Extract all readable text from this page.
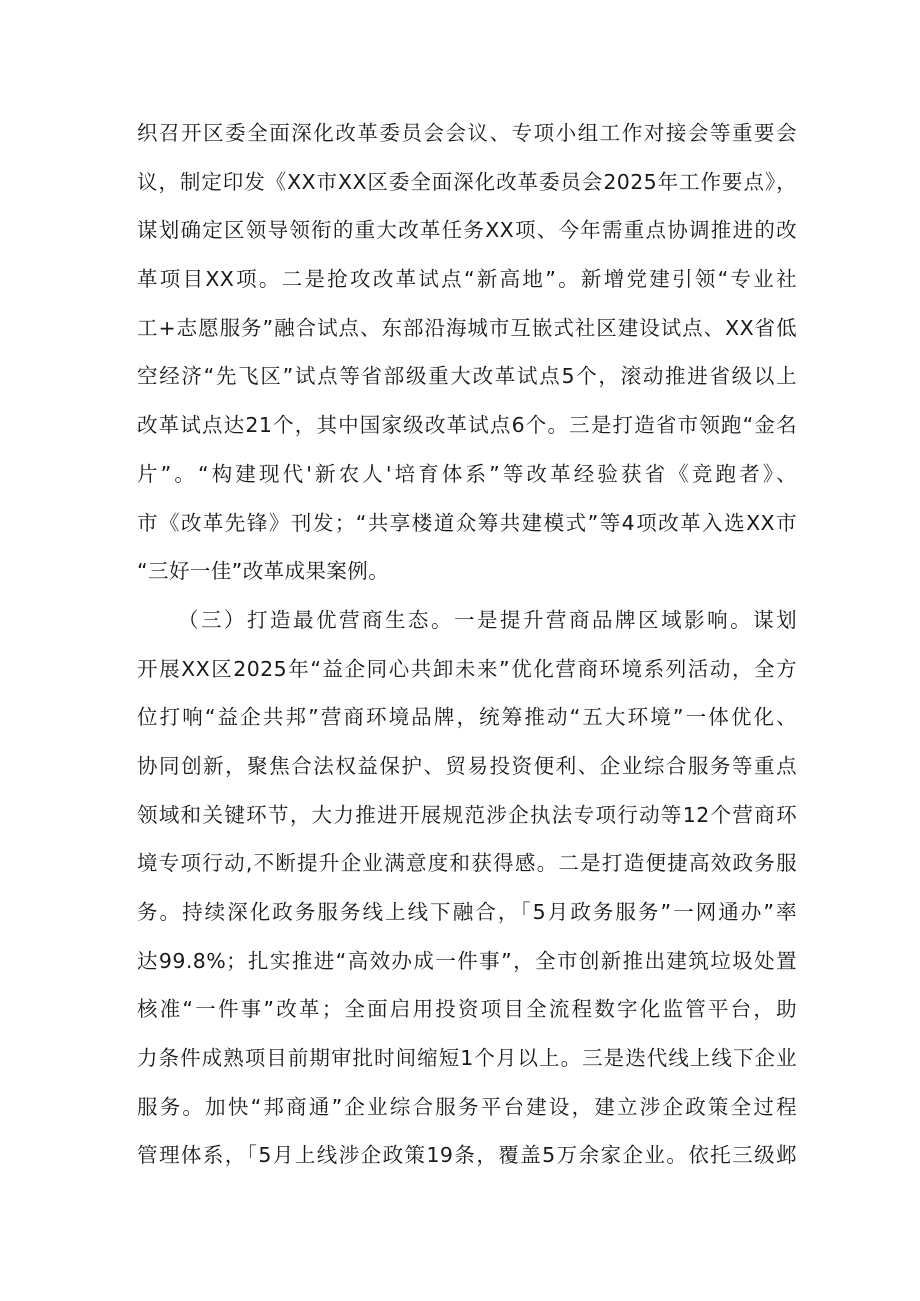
织召开区委全面深化改革委员会会议、专项小组工作对接会等重要会
议，制定印发《XX市XX区委全面深化改革委员会2025年工作要点》，
谋划确定区领导领衔的重大改革任务XX项、今年需重点协调推进的改
革项目XX项。二是抢攻改革试点“新高地”。新增党建引领“专业社
工+志愿服务”融合试点、东部沿海城市互嵌式社区建设试点、XX省低
空经济“先飞区”试点等省部级重大改革试点5个，滚动推进省级以上
改革试点达21个，其中国家级改革试点6个。三是打造省市领跑“金名
片”。“构建现代'新农人'培育体系”等改革经验获省《竞跑者》、
市《改革先锋》刊发；“共享楼道众筹共建模式”等4项改革入选XX市
“三好一佳”改革成果案例。
（三）打造最优营商生态。一是提升营商品牌区域影响。谋划
开展XX区2025年“益企同心共卸未来”优化营商环境系列活动，全方
位打响“益企共邦”营商环境品牌，统筹推动“五大环境”一体优化、
协同创新，聚焦合法权益保护、贸易投资便利、企业综合服务等重点
领域和关键环节，大力推进开展规范涉企执法专项行动等12个营商环
境专项行动,不断提升企业满意度和获得感。二是打造便捷高效政务服
务。持续深化政务服务线上线下融合，「5月政务服务”一网通办”率
达99.8%；扎实推进“高效办成一件事”，全市创新推出建筑垃圾处置
核准“一件事”改革；全面启用投资项目全流程数字化监管平台，助
力条件成熟项目前期审批时间缩短1个月以上。三是迭代线上线下企业
服务。加快“邦商通”企业综合服务平台建设，建立涉企政策全过程
管理体系，「5月上线涉企政策19条，覆盖5万余家企业。依托三级邺
